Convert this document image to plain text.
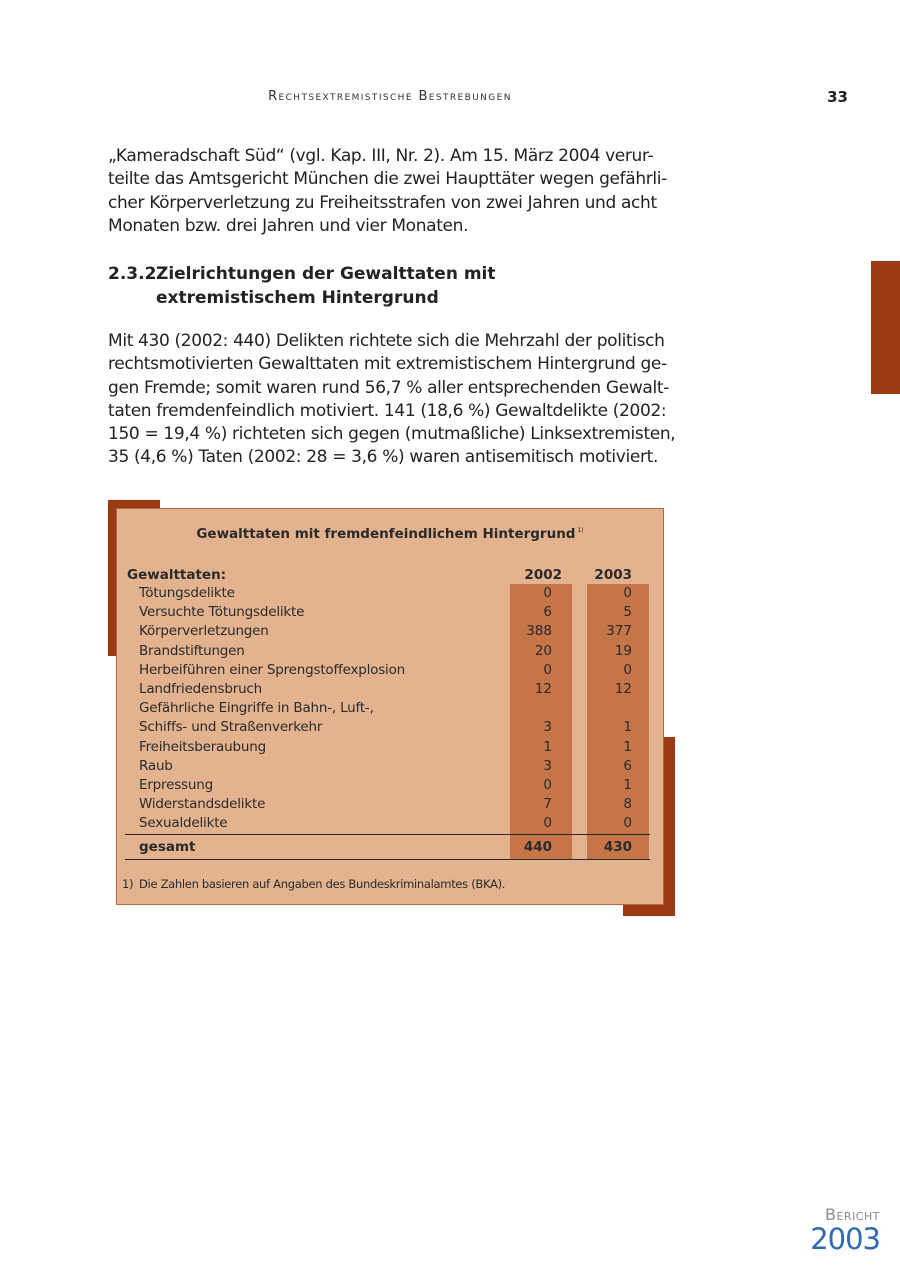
Rechtsextremistische Bestrebungen	33
„Kameradschaft Süd“ (vgl. Kap. III, Nr. 2). Am 15. März 2004 verur-
teilte das Amtsgericht München die zwei Haupttäter wegen gefährli-
cher Körperverletzung zu Freiheitsstrafen von zwei Jahren und acht
Monaten bzw. drei Jahren und vier Monaten.
2.3.2Zielrichtungen der Gewalttaten mit
extremistischem Hintergrund
Mit 430 (2002: 440) Delikten richtete sich die Mehrzahl der politisch
rechtsmotivierten Gewalttaten mit extremistischem Hintergrund ge-
gen Fremde; somit waren rund 56,7 % aller entsprechenden Gewalt-
taten fremdenfeindlich motiviert. 141 (18,6 %) Gewaltdelikte (2002:
150 = 19,4 %) richteten sich gegen (mutmaßliche) Linksextremisten,
35 (4,6 %) Taten (2002: 28 = 3,6 %) waren antisemitisch motiviert.
Gewalttaten mit fremdenfeindlichem Hintergrund $^{1)}$
Gewalttaten:	2002	2003
Tötungsdelikte	0	0
Versuchte Tötungsdelikte	6	5
Körperverletzungen	388	377
Brandstiftungen	20	19
Herbeiführen einer Sprengstoffexplosion	0	0
Landfriedensbruch	12	12
Gefährliche Eingriffe in Bahn-, Luft-,
Schiffs- und Straßenverkehr	3	1
Freiheitsberaubung	1	1
Raub	3	6
Erpressung	0	1
Widerstandsdelikte	7	8
Sexualdelikte	0	0
gesamt	440	430
1) Die Zahlen basieren auf Angaben des Bundeskriminalamtes (BKA).
Bericht
2003
